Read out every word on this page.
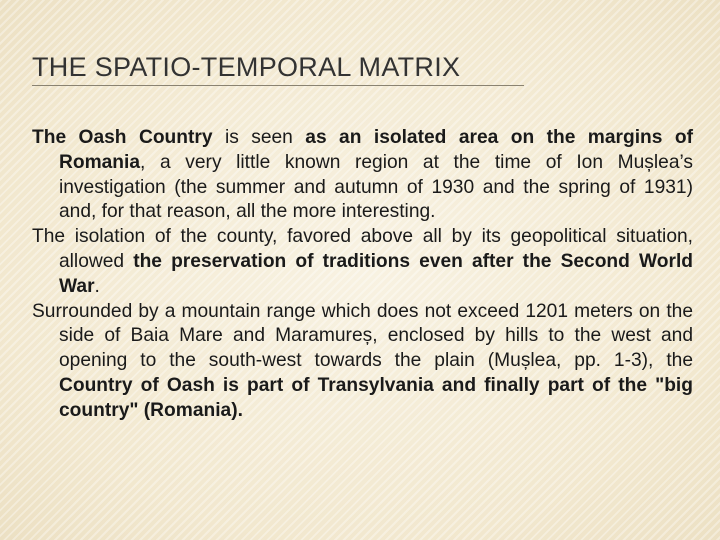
THE SPATIO-TEMPORAL MATRIX

The Oash Country is seen as an isolated area on the margins of Romania, a very little known region at the time of Ion Mușlea’s investigation (the summer and autumn of 1930 and the spring of 1931) and, for that reason, all the more interesting.

The isolation of the county, favored above all by its geopolitical situation, allowed the preservation of traditions even after the Second World War.

Surrounded by a mountain range which does not exceed 1201 meters on the side of Baia Mare and Maramureș, enclosed by hills to the west and opening to the south-west towards the plain (Mușlea, pp. 1-3), the Country of Oash is part of Transylvania and finally part of the "big country" (Romania).
